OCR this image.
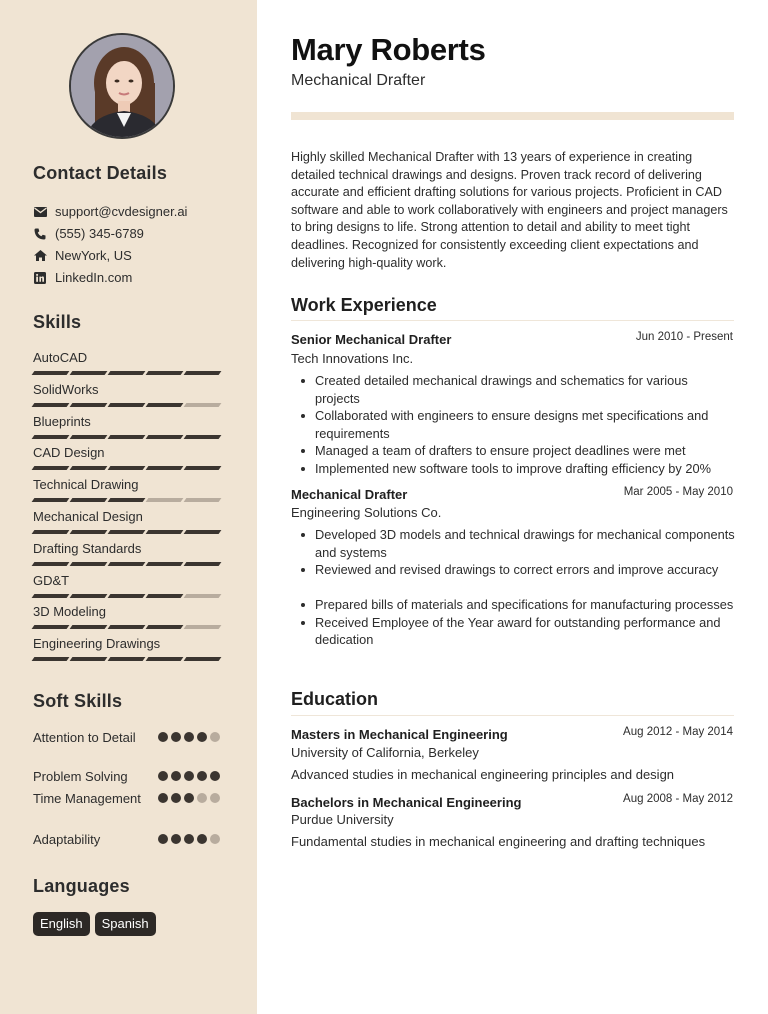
Contact Details
support@cvdesigner.ai
(555) 345-6789
NewYork, US
LinkedIn.com
Skills
AutoCAD
SolidWorks
Blueprints
CAD Design
Technical Drawing
Mechanical Design
Drafting Standards
GD&T
3D Modeling
Engineering Drawings
Soft Skills
Attention to Detail
Problem Solving
Time Management
Adaptability
Languages
English	Spanish
Mary Roberts
Mechanical Drafter
Highly skilled Mechanical Drafter with 13 years of experience in creating detailed technical drawings and designs. Proven track record of delivering accurate and efficient drafting solutions for various projects. Proficient in CAD software and able to work collaboratively with engineers and project managers to bring designs to life. Strong attention to detail and ability to meet tight deadlines. Recognized for consistently exceeding client expectations and delivering high-quality work.
Work Experience
Senior Mechanical Drafter	Jun 2010 - Present
Tech Innovations Inc.
Created detailed mechanical drawings and schematics for various projects
Collaborated with engineers to ensure designs met specifications and requirements
Managed a team of drafters to ensure project deadlines were met
Implemented new software tools to improve drafting efficiency by 20%
Mechanical Drafter	Mar 2005 - May 2010
Engineering Solutions Co.
Developed 3D models and technical drawings for mechanical components and systems
Reviewed and revised drawings to correct errors and improve accuracy
Prepared bills of materials and specifications for manufacturing processes
Received Employee of the Year award for outstanding performance and dedication
Education
Masters in Mechanical Engineering	Aug 2012 - May 2014
University of California, Berkeley
Advanced studies in mechanical engineering principles and design
Bachelors in Mechanical Engineering	Aug 2008 - May 2012
Purdue University
Fundamental studies in mechanical engineering and drafting techniques
